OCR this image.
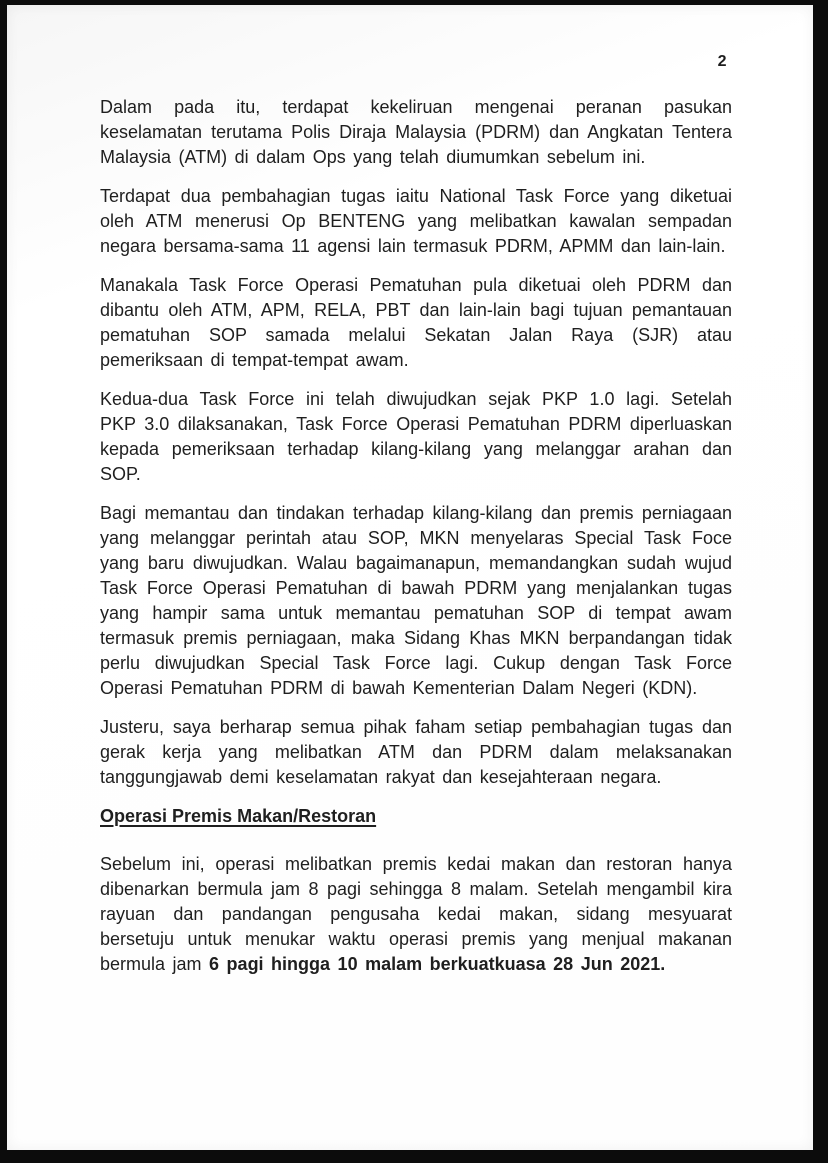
2

Dalam pada itu, terdapat kekeliruan mengenai peranan pasukan keselamatan terutama Polis Diraja Malaysia (PDRM) dan Angkatan Tentera Malaysia (ATM) di dalam Ops yang telah diumumkan sebelum ini.

Terdapat dua pembahagian tugas iaitu National Task Force yang diketuai oleh ATM menerusi Op BENTENG yang melibatkan kawalan sempadan negara bersama-sama 11 agensi lain termasuk PDRM, APMM dan lain-lain.

Manakala Task Force Operasi Pematuhan pula diketuai oleh PDRM dan dibantu oleh ATM, APM, RELA, PBT dan lain-lain bagi tujuan pemantauan pematuhan SOP samada melalui Sekatan Jalan Raya (SJR) atau pemeriksaan di tempat-tempat awam.

Kedua-dua Task Force ini telah diwujudkan sejak PKP 1.0 lagi. Setelah PKP 3.0 dilaksanakan, Task Force Operasi Pematuhan PDRM diperluaskan kepada pemeriksaan terhadap kilang-kilang yang melanggar arahan dan SOP.

Bagi memantau dan tindakan terhadap kilang-kilang dan premis perniagaan yang melanggar perintah atau SOP, MKN menyelaras Special Task Foce yang baru diwujudkan. Walau bagaimanapun, memandangkan sudah wujud Task Force Operasi Pematuhan di bawah PDRM yang menjalankan tugas yang hampir sama untuk memantau pematuhan SOP di tempat awam termasuk premis perniagaan, maka Sidang Khas MKN berpandangan tidak perlu diwujudkan Special Task Force lagi. Cukup dengan Task Force Operasi Pematuhan PDRM di bawah Kementerian Dalam Negeri (KDN).

Justeru, saya berharap semua pihak faham setiap pembahagian tugas dan gerak kerja yang melibatkan ATM dan PDRM dalam melaksanakan tanggungjawab demi keselamatan rakyat dan kesejahteraan negara.

Operasi Premis Makan/Restoran

Sebelum ini, operasi melibatkan premis kedai makan dan restoran hanya dibenarkan bermula jam 8 pagi sehingga 8 malam. Setelah mengambil kira rayuan dan pandangan pengusaha kedai makan, sidang mesyuarat bersetuju untuk menukar waktu operasi premis yang menjual makanan bermula jam 6 pagi hingga 10 malam berkuatkuasa 28 Jun 2021.
